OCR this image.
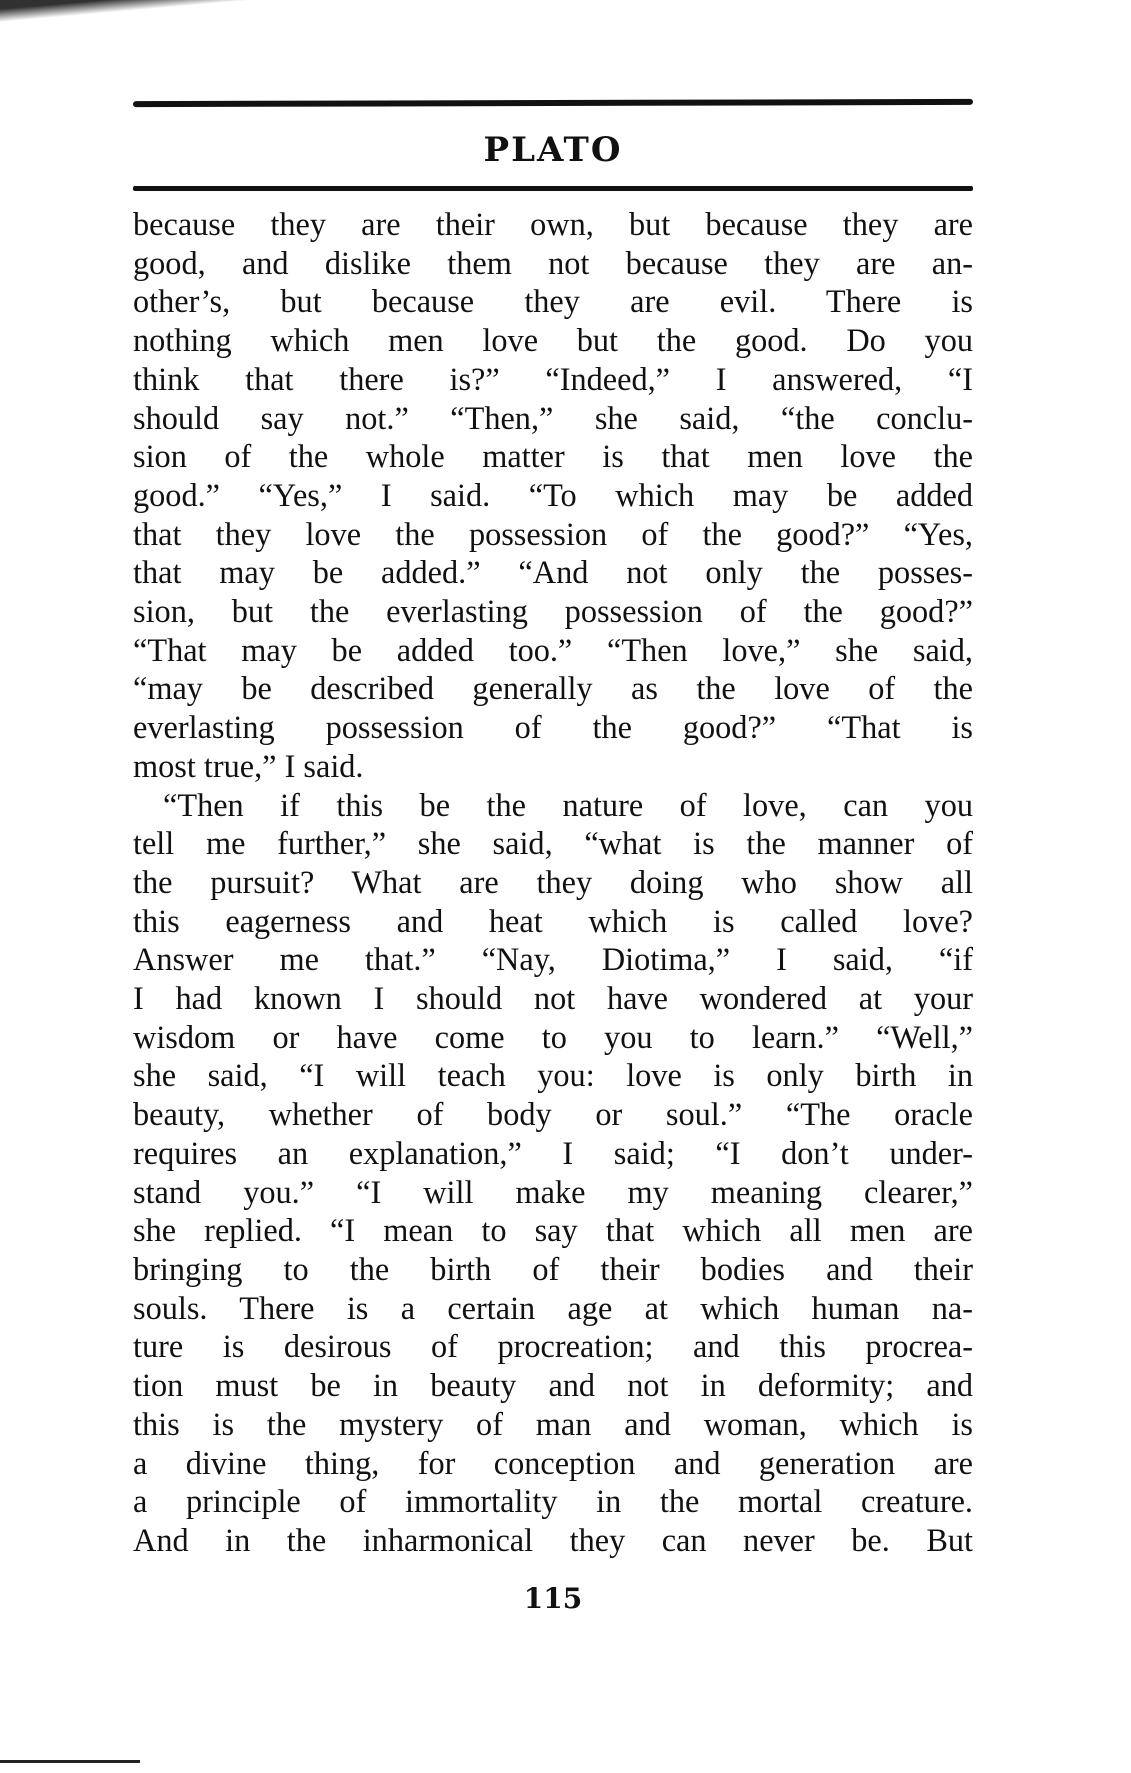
PLATO
because they are their own, but because they are
good, and dislike them not because they are an-
other’s, but because they are evil. There is
nothing which men love but the good. Do you
think that there is?” “Indeed,” I answered, “I
should say not.” “Then,” she said, “the conclu-
sion of the whole matter is that men love the
good.” “Yes,” I said. “To which may be added
that they love the possession of the good?” “Yes,
that may be added.” “And not only the posses-
sion, but the everlasting possession of the good?”
“That may be added too.” “Then love,” she said,
“may be described generally as the love of the
everlasting possession of the good?” “That is
most true,” I said.
“Then if this be the nature of love, can you
tell me further,” she said, “what is the manner of
the pursuit? What are they doing who show all
this eagerness and heat which is called love?
Answer me that.” “Nay, Diotima,” I said, “if
I had known I should not have wondered at your
wisdom or have come to you to learn.” “Well,”
she said, “I will teach you: love is only birth in
beauty, whether of body or soul.” “The oracle
requires an explanation,” I said; “I don’t under-
stand you.” “I will make my meaning clearer,”
she replied. “I mean to say that which all men are
bringing to the birth of their bodies and their
souls. There is a certain age at which human na-
ture is desirous of procreation; and this procrea-
tion must be in beauty and not in deformity; and
this is the mystery of man and woman, which is
a divine thing, for conception and generation are
a principle of immortality in the mortal creature.
And in the inharmonical they can never be. But
115
